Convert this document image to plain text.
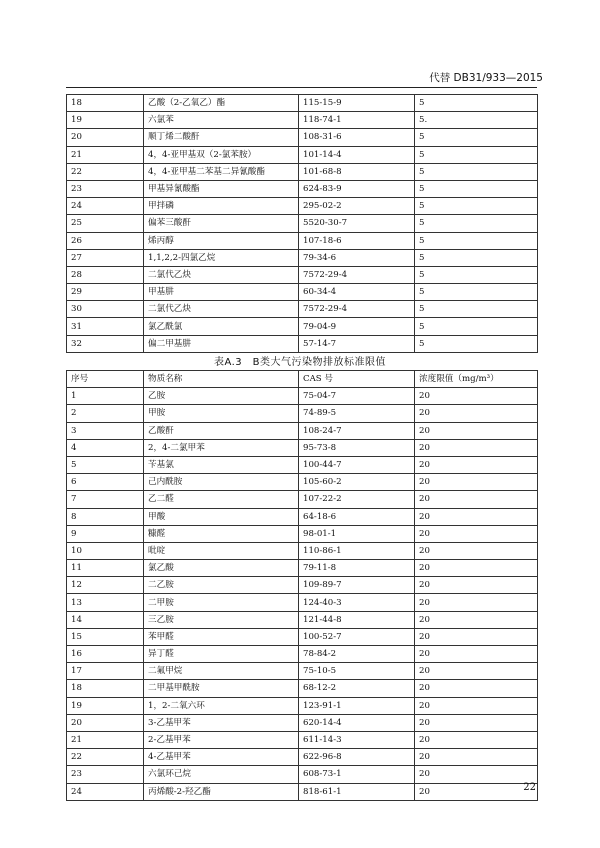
代替 DB31/933—2015
18	乙酸（2-乙氧乙）酯	115-15-9	5
19	六氯苯	118-74-1	5.
20	顺丁烯二酸酐	108-31-6	5
21	4，4-亚甲基双（2-氯苯胺）	101-14-4	5
22	4，4-亚甲基二苯基二异氰酸酯	101-68-8	5
23	甲基异氰酸酯	624-83-9	5
24	甲拌磷	295-02-2	5
25	偏苯三酸酐	5520-30-7	5
26	烯丙醇	107-18-6	5
27	1,1,2,2-四氯乙烷	79-34-6	5
28	二氯代乙炔	7572-29-4	5
29	甲基肼	60-34-4	5
30	二氯代乙炔	7572-29-4	5
31	氯乙酰氯	79-04-9	5
32	偏二甲基肼	57-14-7	5
表A.3　B类大气污染物排放标准限值
序号	物质名称	CAS 号	浓度限值（mg/m³）
1	乙胺	75-04-7	20
2	甲胺	74-89-5	20
3	乙酸酐	108-24-7	20
4	2，4-二氯甲苯	95-73-8	20
5	苄基氯	100-44-7	20
6	己内酰胺	105-60-2	20
7	乙二醛	107-22-2	20
8	甲酸	64-18-6	20
9	糠醛	98-01-1	20
10	吡啶	110-86-1	20
11	氯乙酸	79-11-8	20
12	二乙胺	109-89-7	20
13	二甲胺	124-40-3	20
14	三乙胺	121-44-8	20
15	苯甲醛	100-52-7	20
16	异丁醛	78-84-2	20
17	二氟甲烷	75-10-5	20
18	二甲基甲酰胺	68-12-2	20
19	1，2-二氧六环	123-91-1	20
20	3-乙基甲苯	620-14-4	20
21	2-乙基甲苯	611-14-3	20
22	4-乙基甲苯	622-96-8	20
23	六氯环己烷	608-73-1	20
24	丙烯酸-2-羟乙酯	818-61-1	20	22
